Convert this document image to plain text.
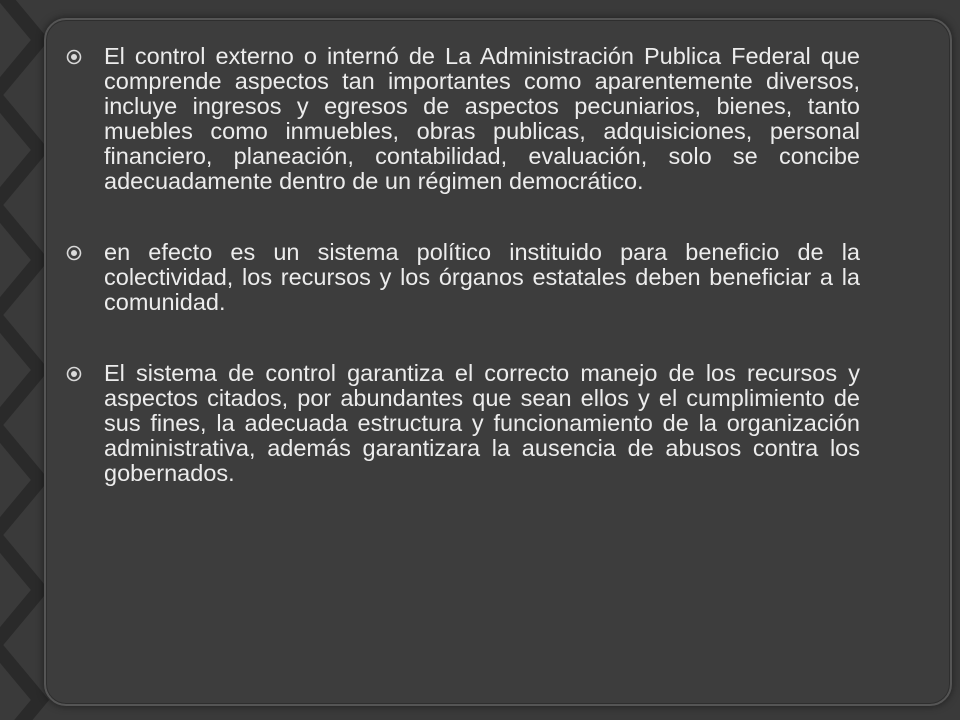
El control externo o internó de La Administración Publica Federal que comprende aspectos tan importantes como aparentemente diversos, incluye ingresos y egresos de aspectos pecuniarios, bienes, tanto muebles como inmuebles, obras publicas, adquisiciones, personal financiero, planeación, contabilidad, evaluación, solo se concibe adecuadamente dentro de un régimen democrático.
en efecto es un sistema político instituido para beneficio de la colectividad, los recursos y los órganos estatales deben beneficiar a la comunidad.
El sistema de control garantiza el correcto manejo de los recursos y aspectos citados, por abundantes que sean ellos y el cumplimiento de sus fines, la adecuada estructura y funcionamiento de la organización administrativa, además garantizara la ausencia de abusos contra los gobernados.
